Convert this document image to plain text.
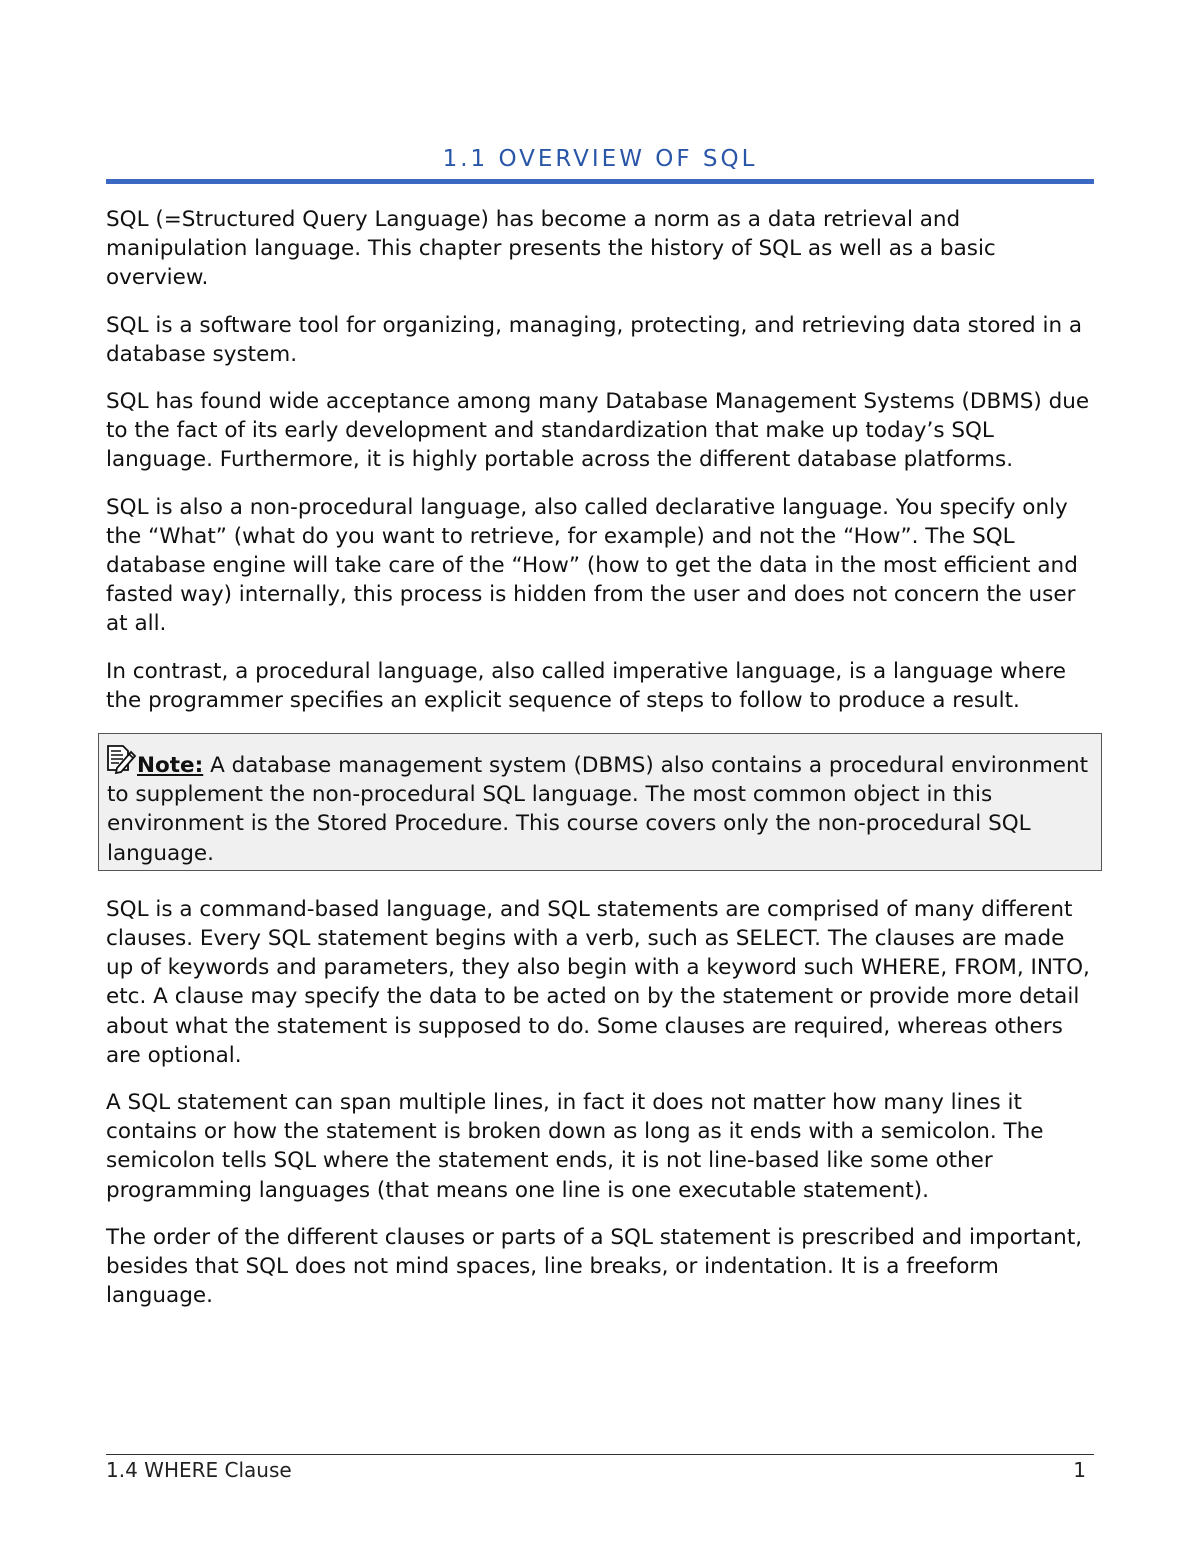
1.1 OVERVIEW OF SQL

SQL (=Structured Query Language) has become a norm as a data retrieval and manipulation language. This chapter presents the history of SQL as well as a basic overview.

SQL is a software tool for organizing, managing, protecting, and retrieving data stored in a database system.

SQL has found wide acceptance among many Database Management Systems (DBMS) due to the fact of its early development and standardization that make up today’s SQL language. Furthermore, it is highly portable across the different database platforms.

SQL is also a non-procedural language, also called declarative language. You specify only the “What” (what do you want to retrieve, for example) and not the “How”. The SQL database engine will take care of the “How” (how to get the data in the most efficient and fasted way) internally, this process is hidden from the user and does not concern the user at all.

In contrast, a procedural language, also called imperative language, is a language where the programmer specifies an explicit sequence of steps to follow to produce a result.

Note: A database management system (DBMS) also contains a procedural environment to supplement the non-procedural SQL language. The most common object in this environment is the Stored Procedure. This course covers only the non-procedural SQL language.

SQL is a command-based language, and SQL statements are comprised of many different clauses. Every SQL statement begins with a verb, such as SELECT. The clauses are made up of keywords and parameters, they also begin with a keyword such WHERE, FROM, INTO, etc. A clause may specify the data to be acted on by the statement or provide more detail about what the statement is supposed to do. Some clauses are required, whereas others are optional.

A SQL statement can span multiple lines, in fact it does not matter how many lines it contains or how the statement is broken down as long as it ends with a semicolon. The semicolon tells SQL where the statement ends, it is not line-based like some other programming languages (that means one line is one executable statement).

The order of the different clauses or parts of a SQL statement is prescribed and important, besides that SQL does not mind spaces, line breaks, or indentation. It is a freeform language.

1.4 WHERE Clause	1
